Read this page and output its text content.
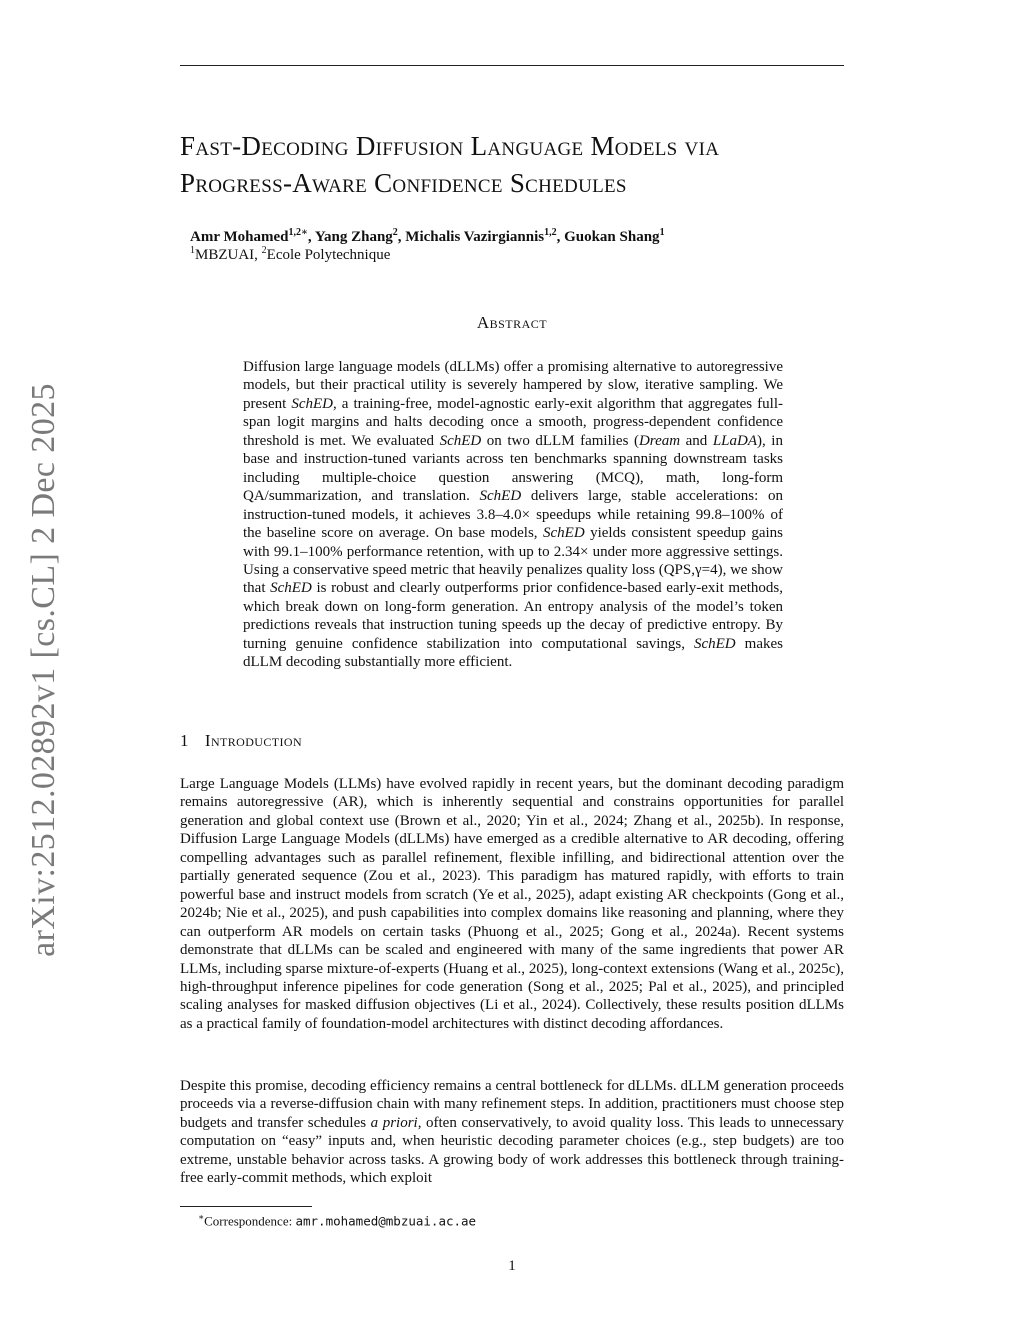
arXiv:2512.02892v1 [cs.CL] 2 Dec 2025
Fast-Decoding Diffusion Language Models via
Progress-Aware Confidence Schedules

Amr Mohamed$^{1,2∗}$, Yang Zhang$^2$, Michalis Vazirgiannis$^{1,2}$, Guokan Shang$^1$

$^1$MBZUAI, $^2$Ecole Polytechnique

Abstract

Diffusion large language models (dLLMs) offer a promising alternative to autoregressive models, but their practical utility is severely hampered by slow, iterative sampling. We present SchED, a training-free, model-agnostic early-exit algorithm that aggregates full-span logit margins and halts decoding once a smooth, progress-dependent confidence threshold is met. We evaluated SchED on two dLLM families (Dream and LLaDA), in base and instruction-tuned variants across ten benchmarks spanning downstream tasks including multiple-choice question answering (MCQ), math, long-form QA/summarization, and translation. SchED delivers large, stable accelerations: on instruction-tuned models, it achieves 3.8–4.0× speedups while retaining 99.8–100% of the baseline score on average. On base models, SchED yields consistent speedup gains with 99.1–100% performance retention, with up to 2.34× under more aggressive settings. Using a conservative speed metric that heavily penalizes quality loss (QPS,γ=4), we show that SchED is robust and clearly outperforms prior confidence-based early-exit methods, which break down on long-form generation. An entropy analysis of the model’s token predictions reveals that instruction tuning speeds up the decay of predictive entropy. By turning genuine confidence stabilization into computational savings, SchED makes dLLM decoding substantially more efficient.

1 Introduction

Large Language Models (LLMs) have evolved rapidly in recent years, but the dominant decoding paradigm remains autoregressive (AR), which is inherently sequential and constrains opportunities for parallel generation and global context use (Brown et al., 2020; Yin et al., 2024; Zhang et al., 2025b). In response, Diffusion Large Language Models (dLLMs) have emerged as a credible alternative to AR decoding, offering compelling advantages such as parallel refinement, flexible infilling, and bidirectional attention over the partially generated sequence (Zou et al., 2023). This paradigm has matured rapidly, with efforts to train powerful base and instruct models from scratch (Ye et al., 2025), adapt existing AR checkpoints (Gong et al., 2024b; Nie et al., 2025), and push capabilities into complex domains like reasoning and planning, where they can outperform AR models on certain tasks (Phuong et al., 2025; Gong et al., 2024a). Recent systems demonstrate that dLLMs can be scaled and engineered with many of the same ingredients that power AR LLMs, including sparse mixture-of-experts (Huang et al., 2025), long-context extensions (Wang et al., 2025c), high-throughput inference pipelines for code generation (Song et al., 2025; Pal et al., 2025), and principled scaling analyses for masked diffusion objectives (Li et al., 2024). Collectively, these results position dLLMs as a practical family of foundation-model architectures with distinct decoding affordances.

Despite this promise, decoding efficiency remains a central bottleneck for dLLMs. dLLM generation proceeds proceeds via a reverse-diffusion chain with many refinement steps. In addition, practitioners must choose step budgets and transfer schedules a priori, often conservatively, to avoid quality loss. This leads to unnecessary computation on “easy” inputs and, when heuristic decoding parameter choices (e.g., step budgets) are too extreme, unstable behavior across tasks. A growing body of work addresses this bottleneck through training-free early-commit methods, which exploit

∗Correspondence: amr.mohamed@mbzuai.ac.ae

1
